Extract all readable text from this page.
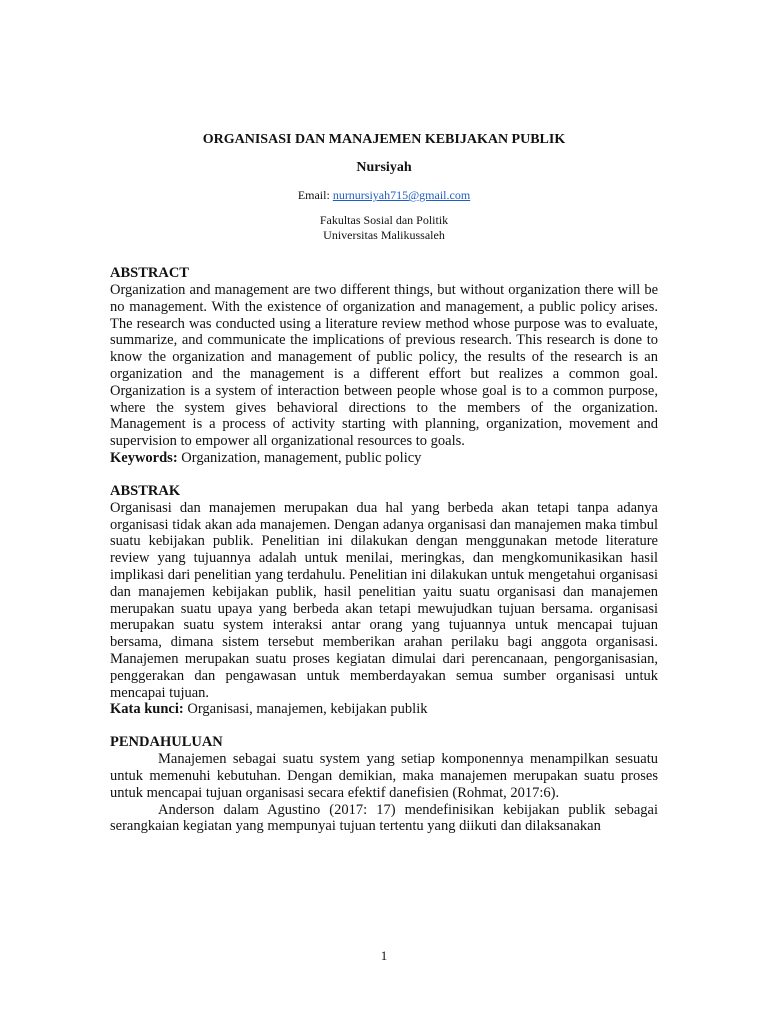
ORGANISASI DAN MANAJEMEN KEBIJAKAN PUBLIK

Nursiyah
Email: nurnursiyah715@gmail.com
Fakultas Sosial dan Politik
Universitas Malikussaleh

ABSTRACT

Organization and management are two different things, but without organization there will be no management. With the existence of organization and management, a public policy arises. The research was conducted using a literature review method whose purpose was to evaluate, summarize, and communicate the implications of previous research. This research is done to know the organization and management of public policy, the results of the research is an organization and the management is a different effort but realizes a common goal. Organization is a system of interaction between people whose goal is to a common purpose, where the system gives behavioral directions to the members of the organization. Management is a process of activity starting with planning, organization, movement and supervision to empower all organizational resources to goals.

Keywords: Organization, management, public policy

ABSTRAK

Organisasi dan manajemen merupakan dua hal yang berbeda akan tetapi tanpa adanya organisasi tidak akan ada manajemen. Dengan adanya organisasi dan manajemen maka timbul suatu kebijakan publik. Penelitian ini dilakukan dengan menggunakan metode literature review yang tujuannya adalah untuk menilai, meringkas, dan mengkomunikasikan hasil implikasi dari penelitian yang terdahulu. Penelitian ini dilakukan untuk mengetahui organisasi dan manajemen kebijakan publik, hasil penelitian yaitu suatu organisasi dan manajemen merupakan suatu upaya yang berbeda akan tetapi mewujudkan tujuan bersama. organisasi merupakan suatu system interaksi antar orang yang tujuannya untuk mencapai tujuan bersama, dimana sistem tersebut memberikan arahan perilaku bagi anggota organisasi. Manajemen merupakan suatu proses kegiatan dimulai dari perencanaan, pengorganisasian, penggerakan dan pengawasan untuk memberdayakan semua sumber organisasi untuk mencapai tujuan.

Kata kunci: Organisasi, manajemen, kebijakan publik

PENDAHULUAN

Manajemen sebagai suatu system yang setiap komponennya menampilkan sesuatu untuk memenuhi kebutuhan. Dengan demikian, maka manajemen merupakan suatu proses untuk mencapai tujuan organisasi secara efektif danefisien (Rohmat, 2017:6).

Anderson dalam Agustino (2017: 17) mendefinisikan kebijakan publik sebagai serangkaian kegiatan yang mempunyai tujuan tertentu yang diikuti dan dilaksanakan

1
